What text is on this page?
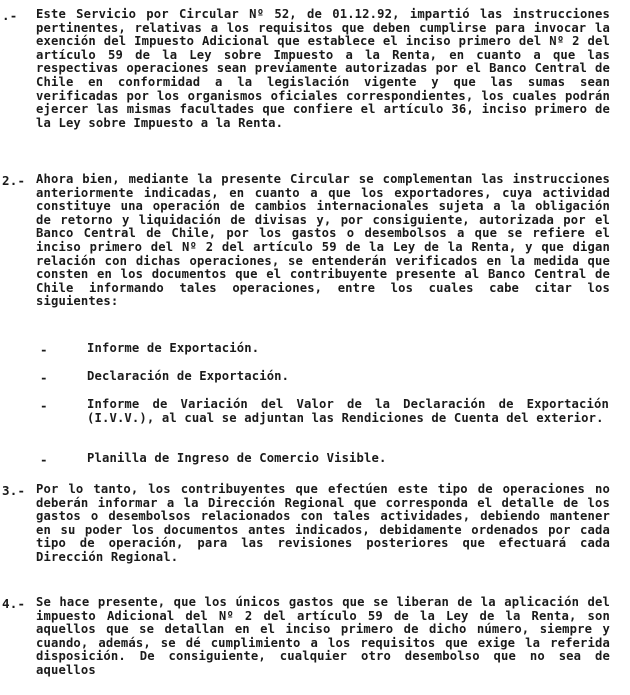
.- Este Servicio por Circular Nº 52, de 01.12.92, impartió las instrucciones pertinentes, relativas a los requisitos que deben cumplirse para invocar la exención del Impuesto Adicional que establece el inciso primero del Nº 2 del artículo 59 de la Ley sobre Impuesto a la Renta, en cuanto a que las respectivas operaciones sean previamente autorizadas por el Banco Central de Chile en conformidad a la legislación vigente y que las sumas sean verificadas por los organismos oficiales correspondientes, los cuales podrán ejercer las mismas facultades que confiere el artículo 36, inciso primero de la Ley sobre Impuesto a la Renta.
2.- Ahora bien, mediante la presente Circular se complementan las instrucciones anteriormente indicadas, en cuanto a que los exportadores, cuya actividad constituye una operación de cambios internacionales sujeta a la obligación de retorno y liquidación de divisas y, por consiguiente, autorizada por el Banco Central de Chile, por los gastos o desembolsos a que se refiere el inciso primero del Nº 2 del artículo 59 de la Ley de la Renta, y que digan relación con dichas operaciones, se entenderán verificados en la medida que consten en los documentos que el contribuyente presente al Banco Central de Chile informando tales operaciones, entre los cuales cabe citar los siguientes:
-	Informe de Exportación.
-	Declaración de Exportación.
-	Informe de Variación del Valor de la Declaración de Exportación (I.V.V.), al cual se adjuntan las Rendiciones de Cuenta del exterior.
-	Planilla de Ingreso de Comercio Visible.
3.- Por lo tanto, los contribuyentes que efectúen este tipo de operaciones no deberán informar a la Dirección Regional que corresponda el detalle de los gastos o desembolsos relacionados con tales actividades, debiendo mantener en su poder los documentos antes indicados, debidamente ordenados por cada tipo de operación, para las revisiones posteriores que efectuará cada Dirección Regional.
4.- Se hace presente, que los únicos gastos que se liberan de la aplicación del impuesto Adicional del Nº 2 del artículo 59 de la Ley de la Renta, son aquellos que se detallan en el inciso primero de dicho número, siempre y cuando, además, se dé cumplimiento a los requisitos que exige la referida disposición. De consiguiente, cualquier otro desembolso que no sea de aquellos
